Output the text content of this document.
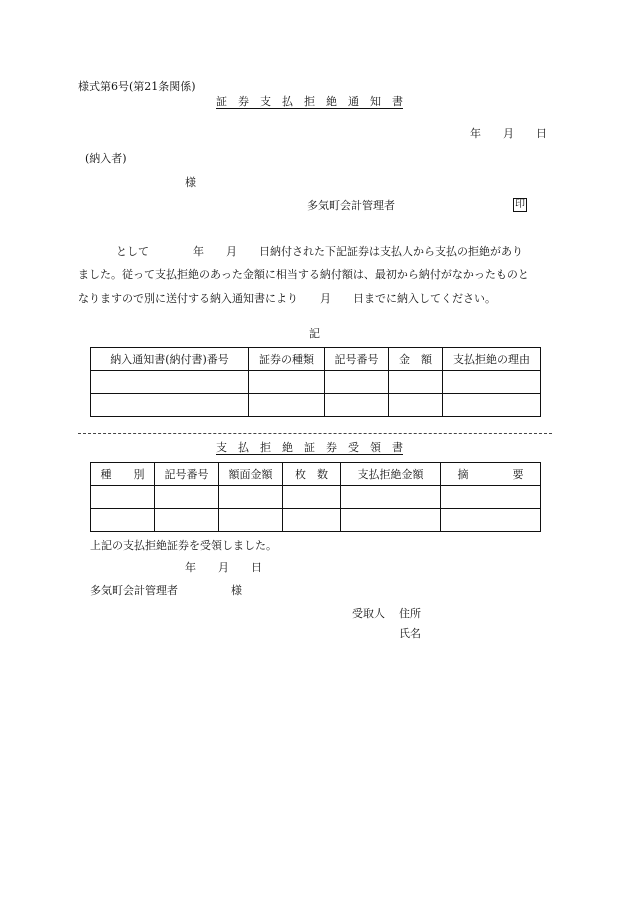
様式第6号(第21条関係)
証　券　支　払　拒　絶　通　知　書
年　　月　　日
(納入者)
様
多気町会計管理者	印
として　　　　年　　月　　日納付された下記証券は支払人から支払の拒絶があり
ました。従って支払拒絶のあった金額に相当する納付額は、最初から納付がなかったものと
なりますので別に送付する納入通知書により　　月　　日までに納入してください。
記
納入通知書(納付書)番号	証券の種類	記号番号	金　額	支払拒絶の理由

支　払　拒　絶　証　券　受　領　書
種　　別	記号番号	額面金額	枚　数	支払拒絶金額	摘　　　　要

上記の支払拒絶証券を受領しました。
年　　月　　日
多気町会計管理者	様
受取人 住所
氏名
